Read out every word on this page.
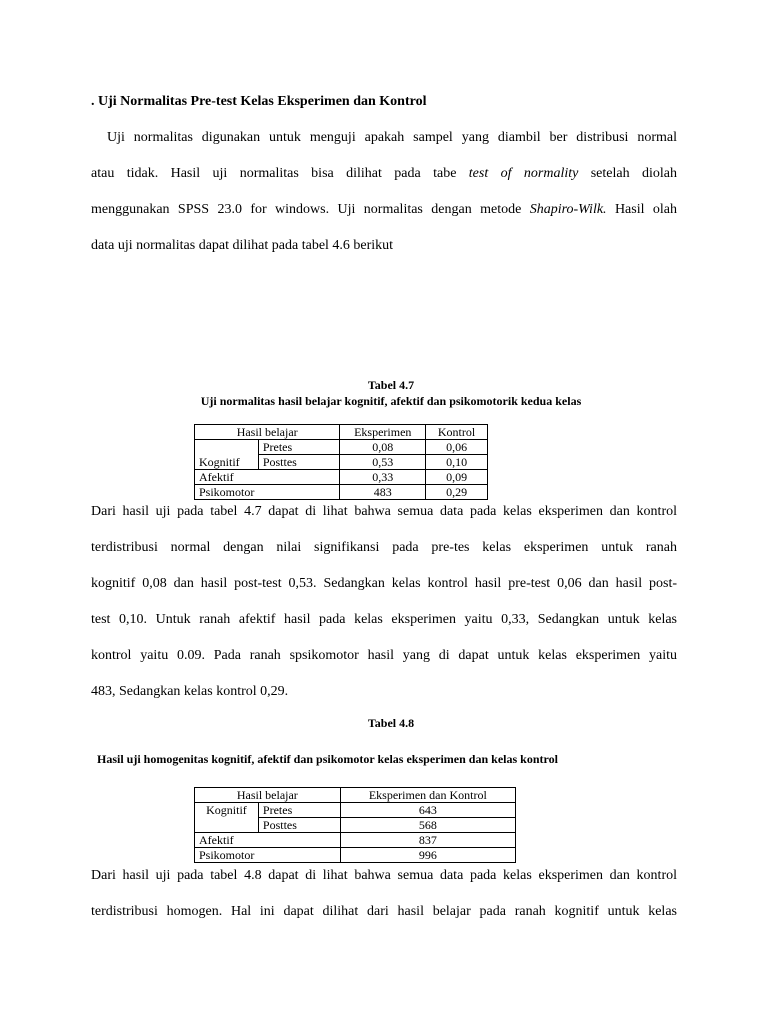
. Uji Normalitas Pre-test Kelas Eksperimen dan Kontrol
Uji normalitas digunakan untuk menguji apakah sampel yang diambil ber distribusi normal
atau tidak. Hasil uji normalitas bisa dilihat pada tabe test of normality setelah diolah
menggunakan SPSS 23.0 for windows. Uji normalitas dengan metode Shapiro-Wilk. Hasil olah
data uji normalitas dapat dilihat pada tabel 4.6 berikut
Tabel 4.7
Uji normalitas hasil belajar kognitif, afektif dan psikomotorik kedua kelas
Hasil belajar		Eksperimen	Kontrol
	Pretes	0,08	0,06
Kognitif	Posttes	0,53	0,10
Afektif		0,33	0,09
Psikomotor		483	0,29
Dari hasil uji pada tabel 4.7 dapat di lihat bahwa semua data pada kelas eksperimen dan kontrol
terdistribusi normal dengan nilai signifikansi pada pre-tes kelas eksperimen untuk ranah
kognitif 0,08 dan hasil post-test 0,53. Sedangkan kelas kontrol hasil pre-test 0,06 dan hasil post-
test 0,10. Untuk ranah afektif hasil pada kelas eksperimen yaitu 0,33, Sedangkan untuk kelas
kontrol yaitu 0.09. Pada ranah spsikomotor hasil yang di dapat untuk kelas eksperimen yaitu
483, Sedangkan kelas kontrol 0,29.
Tabel 4.8
Hasil uji homogenitas kognitif, afektif dan psikomotor kelas eksperimen dan kelas kontrol
Hasil belajar		Eksperimen dan Kontrol
Kognitif	Pretes	643
	Posttes	568
Afektif		837
Psikomotor		996
Dari hasil uji pada tabel 4.8 dapat di lihat bahwa semua data pada kelas eksperimen dan kontrol
terdistribusi homogen. Hal ini dapat dilihat dari hasil belajar pada ranah kognitif untuk kelas
